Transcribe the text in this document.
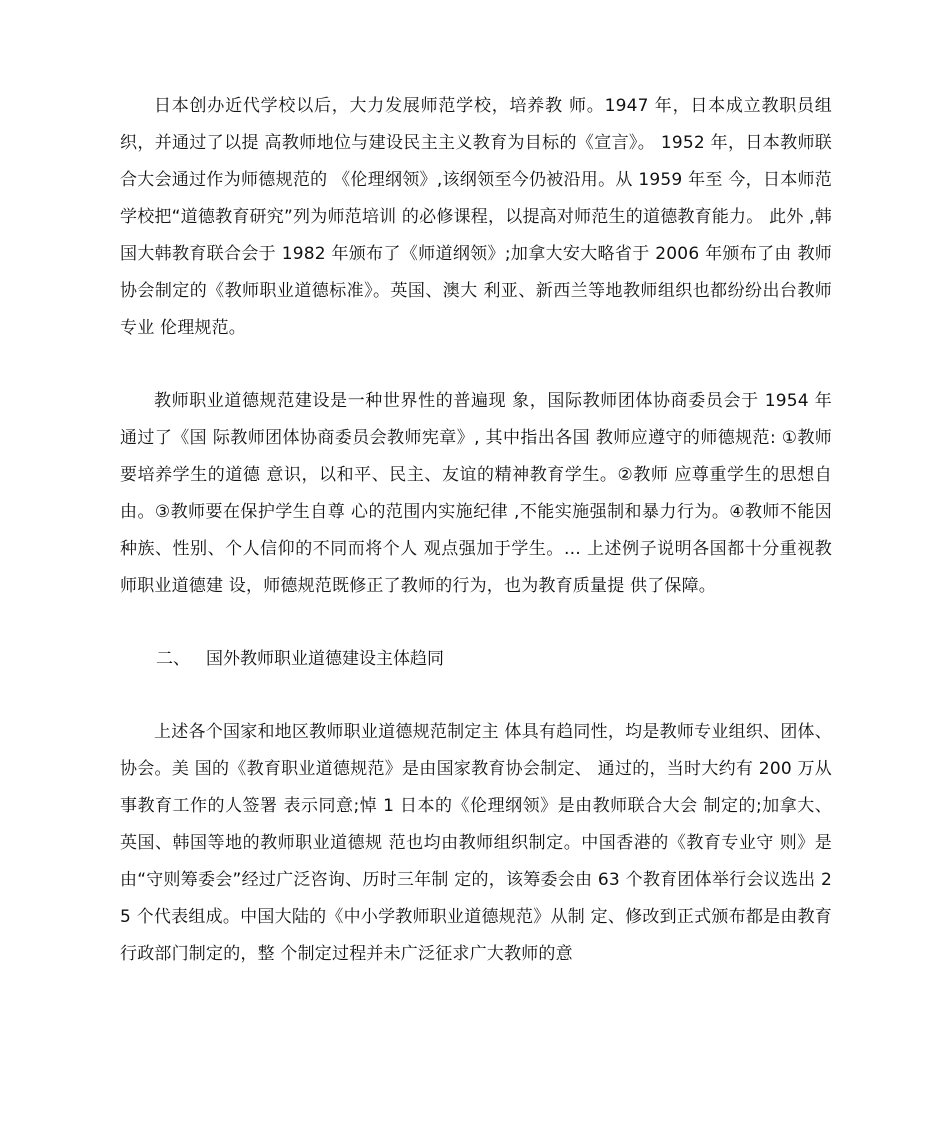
日本创办近代学校以后，大力发展师范学校，培养教 师。1947 年，日本成立教职员组织，并通过了以提 高教师地位与建设民主主义教育为目标的《宣言》。 1952 年，日本教师联合大会通过作为师德规范的 《伦理纲领》,该纲领至今仍被沿用。从 1959 年至 今，日本师范学校把“道德教育研究”列为师范培训 的必修课程，以提高对师范生的道德教育能力。 此外 ,韩国大韩教育联合会于 1982 年颁布了《师道纲领》;加拿大安大略省于 2006 年颁布了由 教师协会制定的《教师职业道德标准》。英国、澳大 利亚、新西兰等地教师组织也都纷纷出台教师专业 伦理规范。

教师职业道德规范建设是一种世界性的普遍现 象，国际教师团体协商委员会于 1954 年通过了《国 际教师团体协商委员会教师宪章》, 其中指出各国 教师应遵守的师德规范: ①教师要培养学生的道德 意识，以和平、民主、友谊的精神教育学生。②教师 应尊重学生的思想自由。③教师要在保护学生自尊 心的范围内实施纪律 ,不能实施强制和暴力行为。④教师不能因种族、性别、个人信仰的不同而将个人 观点强加于学生。… 上述例子说明各国都十分重视教师职业道德建 设，师德规范既修正了教师的行为，也为教育质量提 供了保障。

二、 国外教师职业道德建设主体趋同

上述各个国家和地区教师职业道德规范制定主 体具有趋同性，均是教师专业组织、团体、协会。美 国的《教育职业道德规范》是由国家教育协会制定、 通过的，当时大约有 200 万从事教育工作的人签署 表示同意;悼 1 日本的《伦理纲领》是由教师联合大会 制定的;加拿大、英国、韩国等地的教师职业道德规 范也均由教师组织制定。中国香港的《教育专业守 则》是由“守则筹委会”经过广泛咨询、历时三年制 定的，该筹委会由 63 个教育团体举行会议选出 25 个代表组成。中国大陆的《中小学教师职业道德规范》从制 定、修改到正式颁布都是由教育行政部门制定的，整 个制定过程并未广泛征求广大教师的意
